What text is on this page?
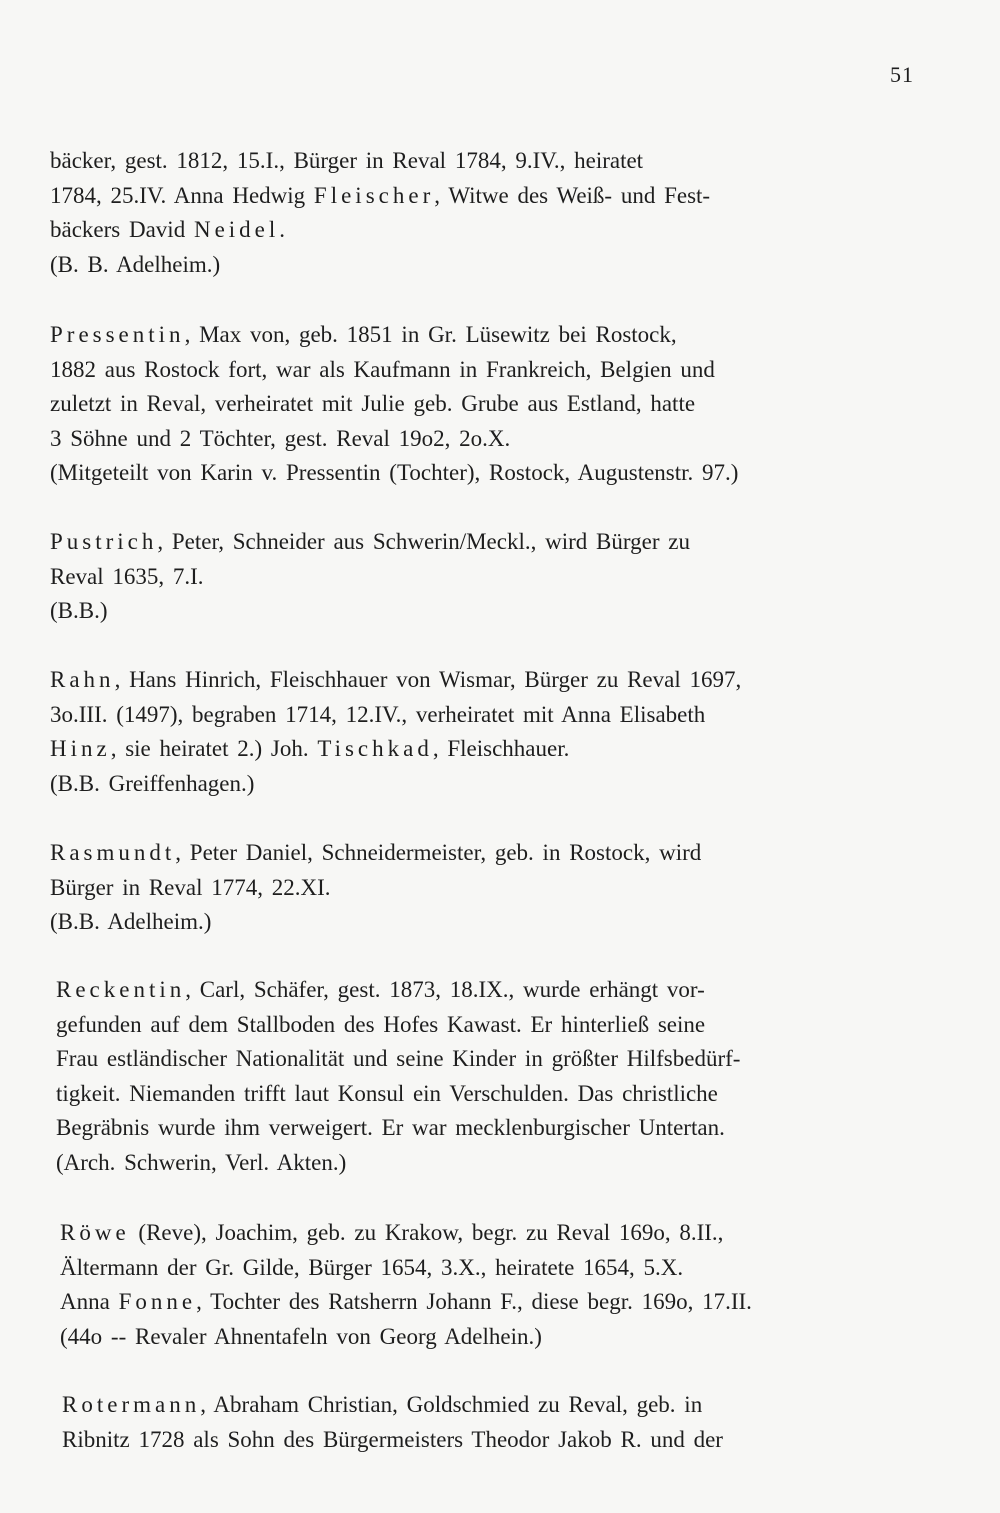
51
bäcker, gest. 1812, 15.I., Bürger in Reval 1784, 9.IV., heiratet
1784, 25.IV. Anna Hedwig Fleischer, Witwe des Weiß- und Fest-
bäckers David Neidel.
(B. B. Adelheim.)
Pressentin, Max von, geb. 1851 in Gr. Lüsewitz bei Rostock,
1882 aus Rostock fort, war als Kaufmann in Frankreich, Belgien und
zuletzt in Reval, verheiratet mit Julie geb. Grube aus Estland, hatte
3 Söhne und 2 Töchter, gest. Reval 19o2, 2o.X.
(Mitgeteilt von Karin v. Pressentin (Tochter), Rostock, Augustenstr. 97.)
Pustrich, Peter, Schneider aus Schwerin/Meckl., wird Bürger zu
Reval 1635, 7.I.
(B.B.)
Rahn, Hans Hinrich, Fleischhauer von Wismar, Bürger zu Reval 1697,
3o.III. (1497), begraben 1714, 12.IV., verheiratet mit Anna Elisabeth
Hinz, sie heiratet 2.) Joh. Tischkad, Fleischhauer.
(B.B. Greiffenhagen.)
Rasmundt, Peter Daniel, Schneidermeister, geb. in Rostock, wird
Bürger in Reval 1774, 22.XI.
(B.B. Adelheim.)
Reckentin, Carl, Schäfer, gest. 1873, 18.IX., wurde erhängt vor-
gefunden auf dem Stallboden des Hofes Kawast. Er hinterließ seine
Frau estländischer Nationalität und seine Kinder in größter Hilfsbedürf-
tigkeit. Niemanden trifft laut Konsul ein Verschulden. Das christliche
Begräbnis wurde ihm verweigert. Er war mecklenburgischer Untertan.
(Arch. Schwerin, Verl. Akten.)
Röwe (Reve), Joachim, geb. zu Krakow, begr. zu Reval 169o, 8.II.,
Ältermann der Gr. Gilde, Bürger 1654, 3.X., heiratete 1654, 5.X.
Anna Fonne, Tochter des Ratsherrn Johann F., diese begr. 169o, 17.II.
(44o -- Revaler Ahnentafeln von Georg Adelhein.)
Rotermann, Abraham Christian, Goldschmied zu Reval, geb. in
Ribnitz 1728 als Sohn des Bürgermeisters Theodor Jakob R. und der
